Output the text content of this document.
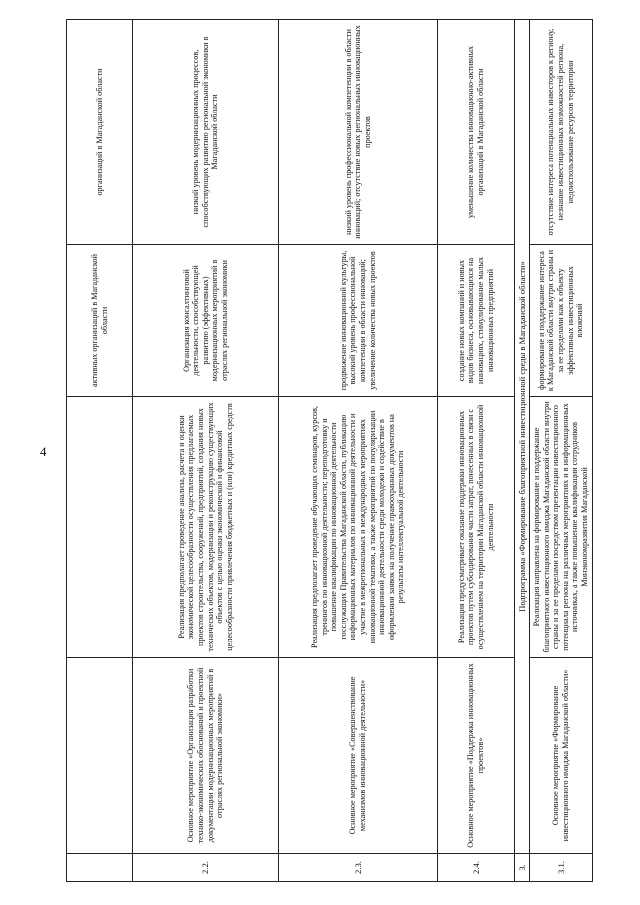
4
			активных организаций в Магаданской области	организаций в Магаданской области
2.2.	Основное мероприятие «Организация разработки технико-экономических обоснований и проектной документации модернизационных мероприятий в отраслях региональной экономики»	Реализация предполагает проведение анализа, расчета и оценки экономической целесообразности осуществления предлагаемых проектов строительства, сооружений, предприятий, создания новых технических объектов, модернизации и реконструкцию существующих объектов с целью оценки экономической и финансовой целесообразности привлечения бюджетных и (или) кредитных средств	Организация консалтинговой деятельности, способствующей развитию (эффективных) модернизационных мероприятий в отраслях региональной экономики	низкий уровень модернизационных процессов, способствующих развитию региональной экономики в Магаданской области
2.3.	Основное мероприятие «Совершенствование механизмов инновационной деятельности»	Реализация предполагает проведение обучающих семинаров, курсов, тренингов по инновационной деятельности; переподготовку и повышение квалификации по инновационной деятельности госслужащих Правительства Магаданской области, публикацию информационных материалов по инновационной деятельности и участие в межрегиональных и международных мероприятиях инновационной тематики, а также мероприятий по популяризации инновационной деятельности среди молодежи и содействие в оформлении заявок на получение правоохранных документов на результаты интеллектуальной деятельности	продвижение инновационной культуры, высокий уровень профессиональной компетенции в области инноваций; увеличение количества новых проектов	низкий уровень профессиональной компетенции в области инноваций; отсутствие новых региональных инновационных проектов
2.4.	Основное мероприятие «Поддержка инновационных проектов»	Реализация предусматривает оказание поддержки инновационных проектов путем субсидирования части затрат, понесенных в связи с осуществлением на территории Магаданской области инновационной деятельности	создание новых компаний и новых видов бизнеса, основывающихся на инновациях, стимулирование малых инновационных предприятий	уменьшение количества инновационно-активных организаций в Магаданской области
3.	Подпрограмма «Формирование благоприятной инвестиционной среды в Магаданской области»			
3.1.	Основное мероприятие «Формирование инвестиционного имиджа Магаданской области»	Реализация направлена на формирование и поддержание благоприятного инвестиционного имиджа Магаданской области внутри страны и за ее пределами посредством презентации инвестиционного потенциала региона на различных мероприятиях и в информационных источниках, а также повышение квалификации сотрудников Минэкономразвития Магаданской	формирование и поддержание интереса к Магаданской области внутри страны и за ее пределами как к объекту эффективных инвестиционных вложений	отсутствие интереса потенциальных инвесторов к региону, незнание инвестиционных возможностей региона, недоиспользование ресурсов территории
